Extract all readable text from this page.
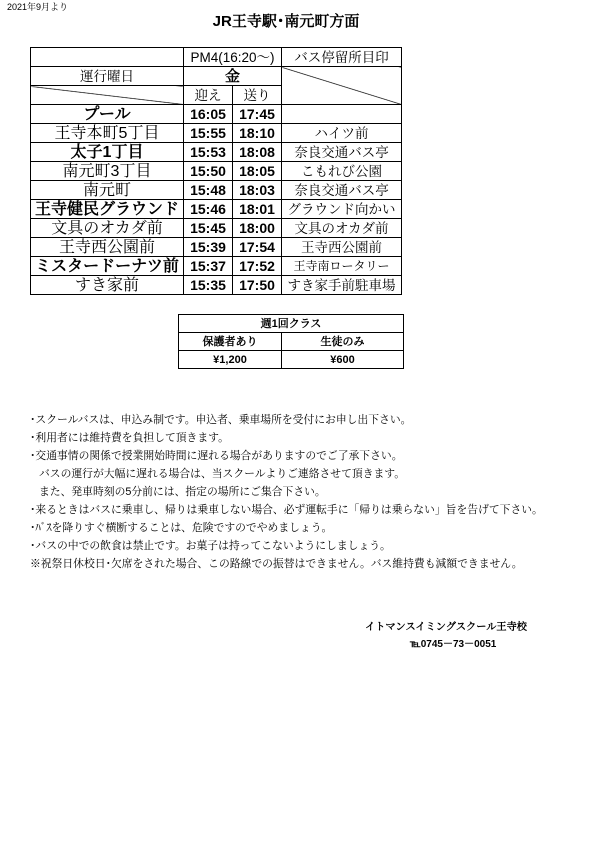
2021年9月より
JR王寺駅･南元町方面
	PM4(16:20～)		バス停留所目印
運行曜日	金		
	迎え	送り	
プール	16:05	17:45	
王寺本町5丁目	15:55	18:10	ハイツ前
太子1丁目	15:53	18:08	奈良交通バス亭
南元町3丁目	15:50	18:05	こもれび公園
南元町	15:48	18:03	奈良交通バス亭
王寺健民グラウンド	15:46	18:01	グラウンド向かい
文具のオカダ前	15:45	18:00	文具のオカダ前
王寺西公園前	15:39	17:54	王寺西公園前
ミスタードーナツ前	15:37	17:52	王寺南ロータリー
すき家前	15:35	17:50	すき家手前駐車場
週1回クラス	
保護者あり	生徒のみ
¥1,200	¥600
･スクールバスは、申込み制です。申込者、乗車場所を受付にお申し出下さい。
･利用者には維持費を負担して頂きます。
･交通事情の関係で授業開始時間に遅れる場合がありますのでご了承下さい。
バスの運行が大幅に遅れる場合は、当スクールよりご連絡させて頂きます。
また、発車時刻の5分前には、指定の場所にご集合下さい。
･来るときはバスに乗車し、帰りは乗車しない場合、必ず運転手に「帰りは乗らない」旨を告げて下さい。
･ﾊﾞｽを降りすぐ横断することは、危険ですのでやめましょう。
･バスの中での飲食は禁止です。お菓子は持ってこないようにしましょう。
※祝祭日休校日･欠席をされた場合、この路線での振替はできません。バス維持費も減額できません。
イトマンスイミングスクール王寺校
℡0745－73－0051
